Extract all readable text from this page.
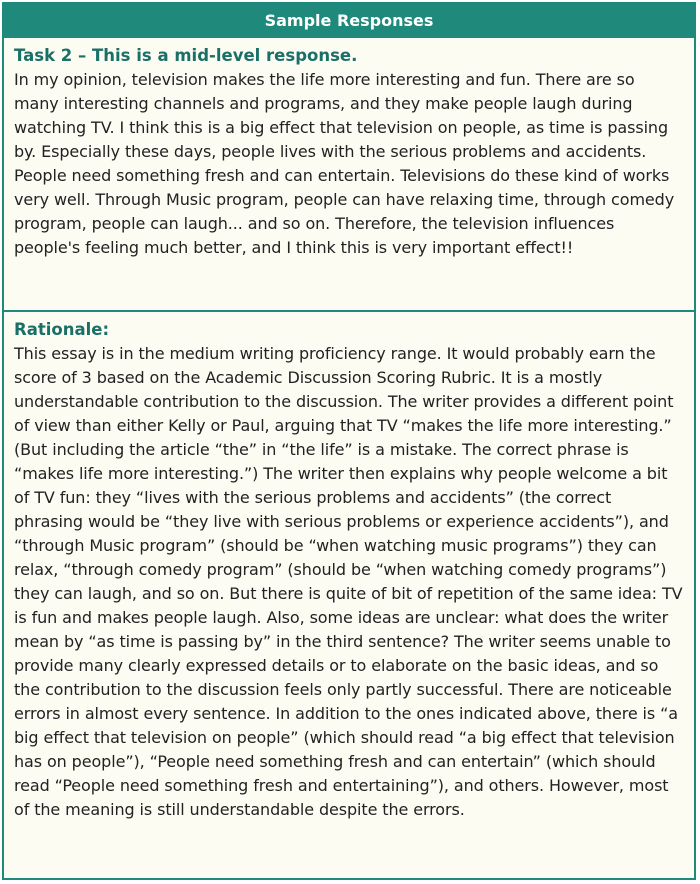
Sample Responses
Task 2 – This is a mid-level response.
In my opinion, television makes the life more interesting and fun. There are so many interesting channels and programs, and they make people laugh during watching TV. I think this is a big effect that television on people, as time is passing by. Especially these days, people lives with the serious problems and accidents. People need something fresh and can entertain. Televisions do these kind of works very well. Through Music program, people can have relaxing time, through comedy program, people can laugh... and so on. Therefore, the television influences people's feeling much better, and I think this is very important effect!!
Rationale:
This essay is in the medium writing proficiency range. It would probably earn the score of 3 based on the Academic Discussion Scoring Rubric. It is a mostly understandable contribution to the discussion. The writer provides a different point of view than either Kelly or Paul, arguing that TV “makes the life more interesting.” (But including the article “the” in “the life” is a mistake. The correct phrase is “makes life more interesting.”) The writer then explains why people welcome a bit of TV fun: they “lives with the serious problems and accidents” (the correct phrasing would be “they live with serious problems or experience accidents”), and “through Music program” (should be “when watching music programs”) they can relax, “through comedy program” (should be “when watching comedy programs”) they can laugh, and so on. But there is quite of bit of repetition of the same idea: TV is fun and makes people laugh. Also, some ideas are unclear: what does the writer mean by “as time is passing by” in the third sentence? The writer seems unable to provide many clearly expressed details or to elaborate on the basic ideas, and so the contribution to the discussion feels only partly successful. There are noticeable errors in almost every sentence. In addition to the ones indicated above, there is “a big effect that television on people” (which should read “a big effect that television has on people”), “People need something fresh and can entertain” (which should read “People need something fresh and entertaining”), and others. However, most of the meaning is still understandable despite the errors.
